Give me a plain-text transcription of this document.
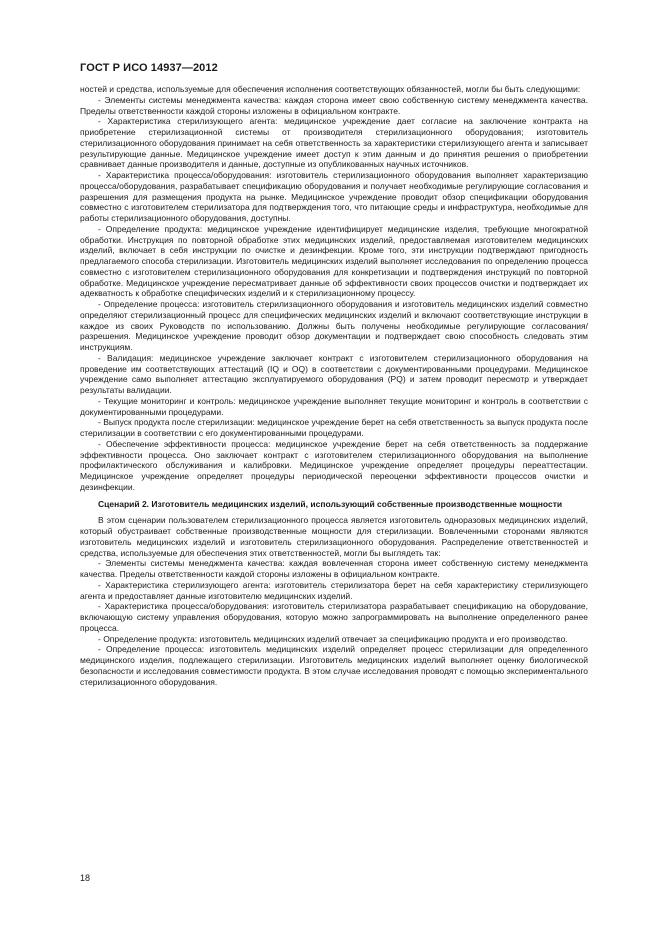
ГОСТ Р ИСО 14937—2012

ностей и средства, используемые для обеспечения исполнения соответствующих обязанностей, могли бы быть следующими:

- Элементы системы менеджмента качества: каждая сторона имеет свою собственную систему менеджмента качества. Пределы ответственности каждой стороны изложены в официальном контракте.

- Характеристика стерилизующего агента: медицинское учреждение дает согласие на заключение контракта на приобретение стерилизационной системы от производителя стерилизационного оборудования; изготовитель стерилизационного оборудования принимает на себя ответственность за характеристики стерилизующего агента и записывает результирующие данные. Медицинское учреждение имеет доступ к этим данным и до принятия решения о приобретении сравнивает данные производителя и данные, доступные из опубликованных научных источников.

- Характеристика процесса/оборудования: изготовитель стерилизационного оборудования выполняет характеризацию процесса/оборудования, разрабатывает спецификацию оборудования и получает необходимые регулирующие согласования и разрешения для размещения продукта на рынке. Медицинское учреждение проводит обзор спецификации оборудования совместно с изготовителем стерилизатора для подтверждения того, что питающие среды и инфраструктура, необходимые для работы стерилизационного оборудования, доступны.

- Определение продукта: медицинское учреждение идентифицирует медицинские изделия, требующие многократной обработки. Инструкция по повторной обработке этих медицинских изделий, предоставляемая изготовителем медицинских изделий, включает в себя инструкции по очистке и дезинфекции. Кроме того, эти инструкции подтверждают пригодность предлагаемого способа стерилизации. Изготовитель медицинских изделий выполняет исследования по определению процесса совместно с изготовителем стерилизационного оборудования для конкретизации и подтверждения инструкций по повторной обработке. Медицинское учреждение пересматривает данные об эффективности своих процессов очистки и подтверждает их адекватность к обработке специфических изделий и к стерилизационному процессу.

- Определение процесса: изготовитель стерилизационного оборудования и изготовитель медицинских изделий совместно определяют стерилизационный процесс для специфических медицинских изделий и включают соответствующие инструкции в каждое из своих Руководств по использованию. Должны быть получены необходимые регулирующие согласования/разрешения. Медицинское учреждение проводит обзор документации и подтверждает свою способность следовать этим инструкциям.

- Валидация: медицинское учреждение заключает контракт с изготовителем стерилизационного оборудования на проведение им соответствующих аттестаций (IQ и OQ) в соответствии с документированными процедурами. Медицинское учреждение само выполняет аттестацию эксплуатируемого оборудования (PQ) и затем проводит пересмотр и утверждает результаты валидации.

- Текущие мониторинг и контроль: медицинское учреждение выполняет текущие мониторинг и контроль в соответствии с документированными процедурами.

- Выпуск продукта после стерилизации: медицинское учреждение берет на себя ответственность за выпуск продукта после стерилизации в соответствии с его документированными процедурами.

- Обеспечение эффективности процесса: медицинское учреждение берет на себя ответственность за поддержание эффективности процесса. Оно заключает контракт с изготовителем стерилизационного оборудования на выполнение профилактического обслуживания и калибровки. Медицинское учреждение определяет процедуры переаттестации. Медицинское учреждение определяет процедуры периодической переоценки эффективности процессов очистки и дезинфекции.

Сценарий 2. Изготовитель медицинских изделий, использующий собственные производственные мощности

В этом сценарии пользователем стерилизационного процесса является изготовитель одноразовых медицинских изделий, который обустраивает собственные производственные мощности для стерилизации. Вовлеченными сторонами являются изготовитель медицинских изделий и изготовитель стерилизационного оборудования. Распределение ответственностей и средства, используемые для обеспечения этих ответственностей, могли бы выглядеть так:

- Элементы системы менеджмента качества: каждая вовлеченная сторона имеет собственную систему менеджмента качества. Пределы ответственности каждой стороны изложены в официальном контракте.

- Характеристика стерилизующего агента: изготовитель стерилизатора берет на себя характеристику стерилизующего агента и предоставляет данные изготовителю медицинских изделий.

- Характеристика процесса/оборудования: изготовитель стерилизатора разрабатывает спецификацию на оборудование, включающую систему управления оборудования, которую можно запрограммировать на выполнение определенного ранее процесса.

- Определение продукта: изготовитель медицинских изделий отвечает за спецификацию продукта и его производство.

- Определение процесса: изготовитель медицинских изделий определяет процесс стерилизации для определенного медицинского изделия, подлежащего стерилизации. Изготовитель медицинских изделий выполняет оценку биологической безопасности и исследования совместимости продукта. В этом случае исследования проводят с помощью экспериментального стерилизационного оборудования.

18
